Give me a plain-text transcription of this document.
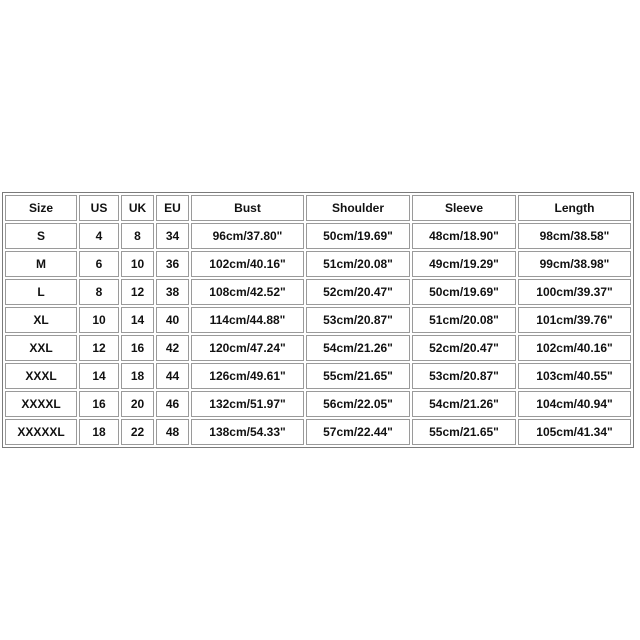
Size	US	UK	EU	Bust	Shoulder	Sleeve	Length
S	4	8	34	96cm/37.80"	50cm/19.69"	48cm/18.90"	98cm/38.58"
M	6	10	36	102cm/40.16"	51cm/20.08"	49cm/19.29"	99cm/38.98"
L	8	12	38	108cm/42.52"	52cm/20.47"	50cm/19.69"	100cm/39.37"
XL	10	14	40	114cm/44.88"	53cm/20.87"	51cm/20.08"	101cm/39.76"
XXL	12	16	42	120cm/47.24"	54cm/21.26"	52cm/20.47"	102cm/40.16"
XXXL	14	18	44	126cm/49.61"	55cm/21.65"	53cm/20.87"	103cm/40.55"
XXXXL	16	20	46	132cm/51.97"	56cm/22.05"	54cm/21.26"	104cm/40.94"
XXXXXL	18	22	48	138cm/54.33"	57cm/22.44"	55cm/21.65"	105cm/41.34"
